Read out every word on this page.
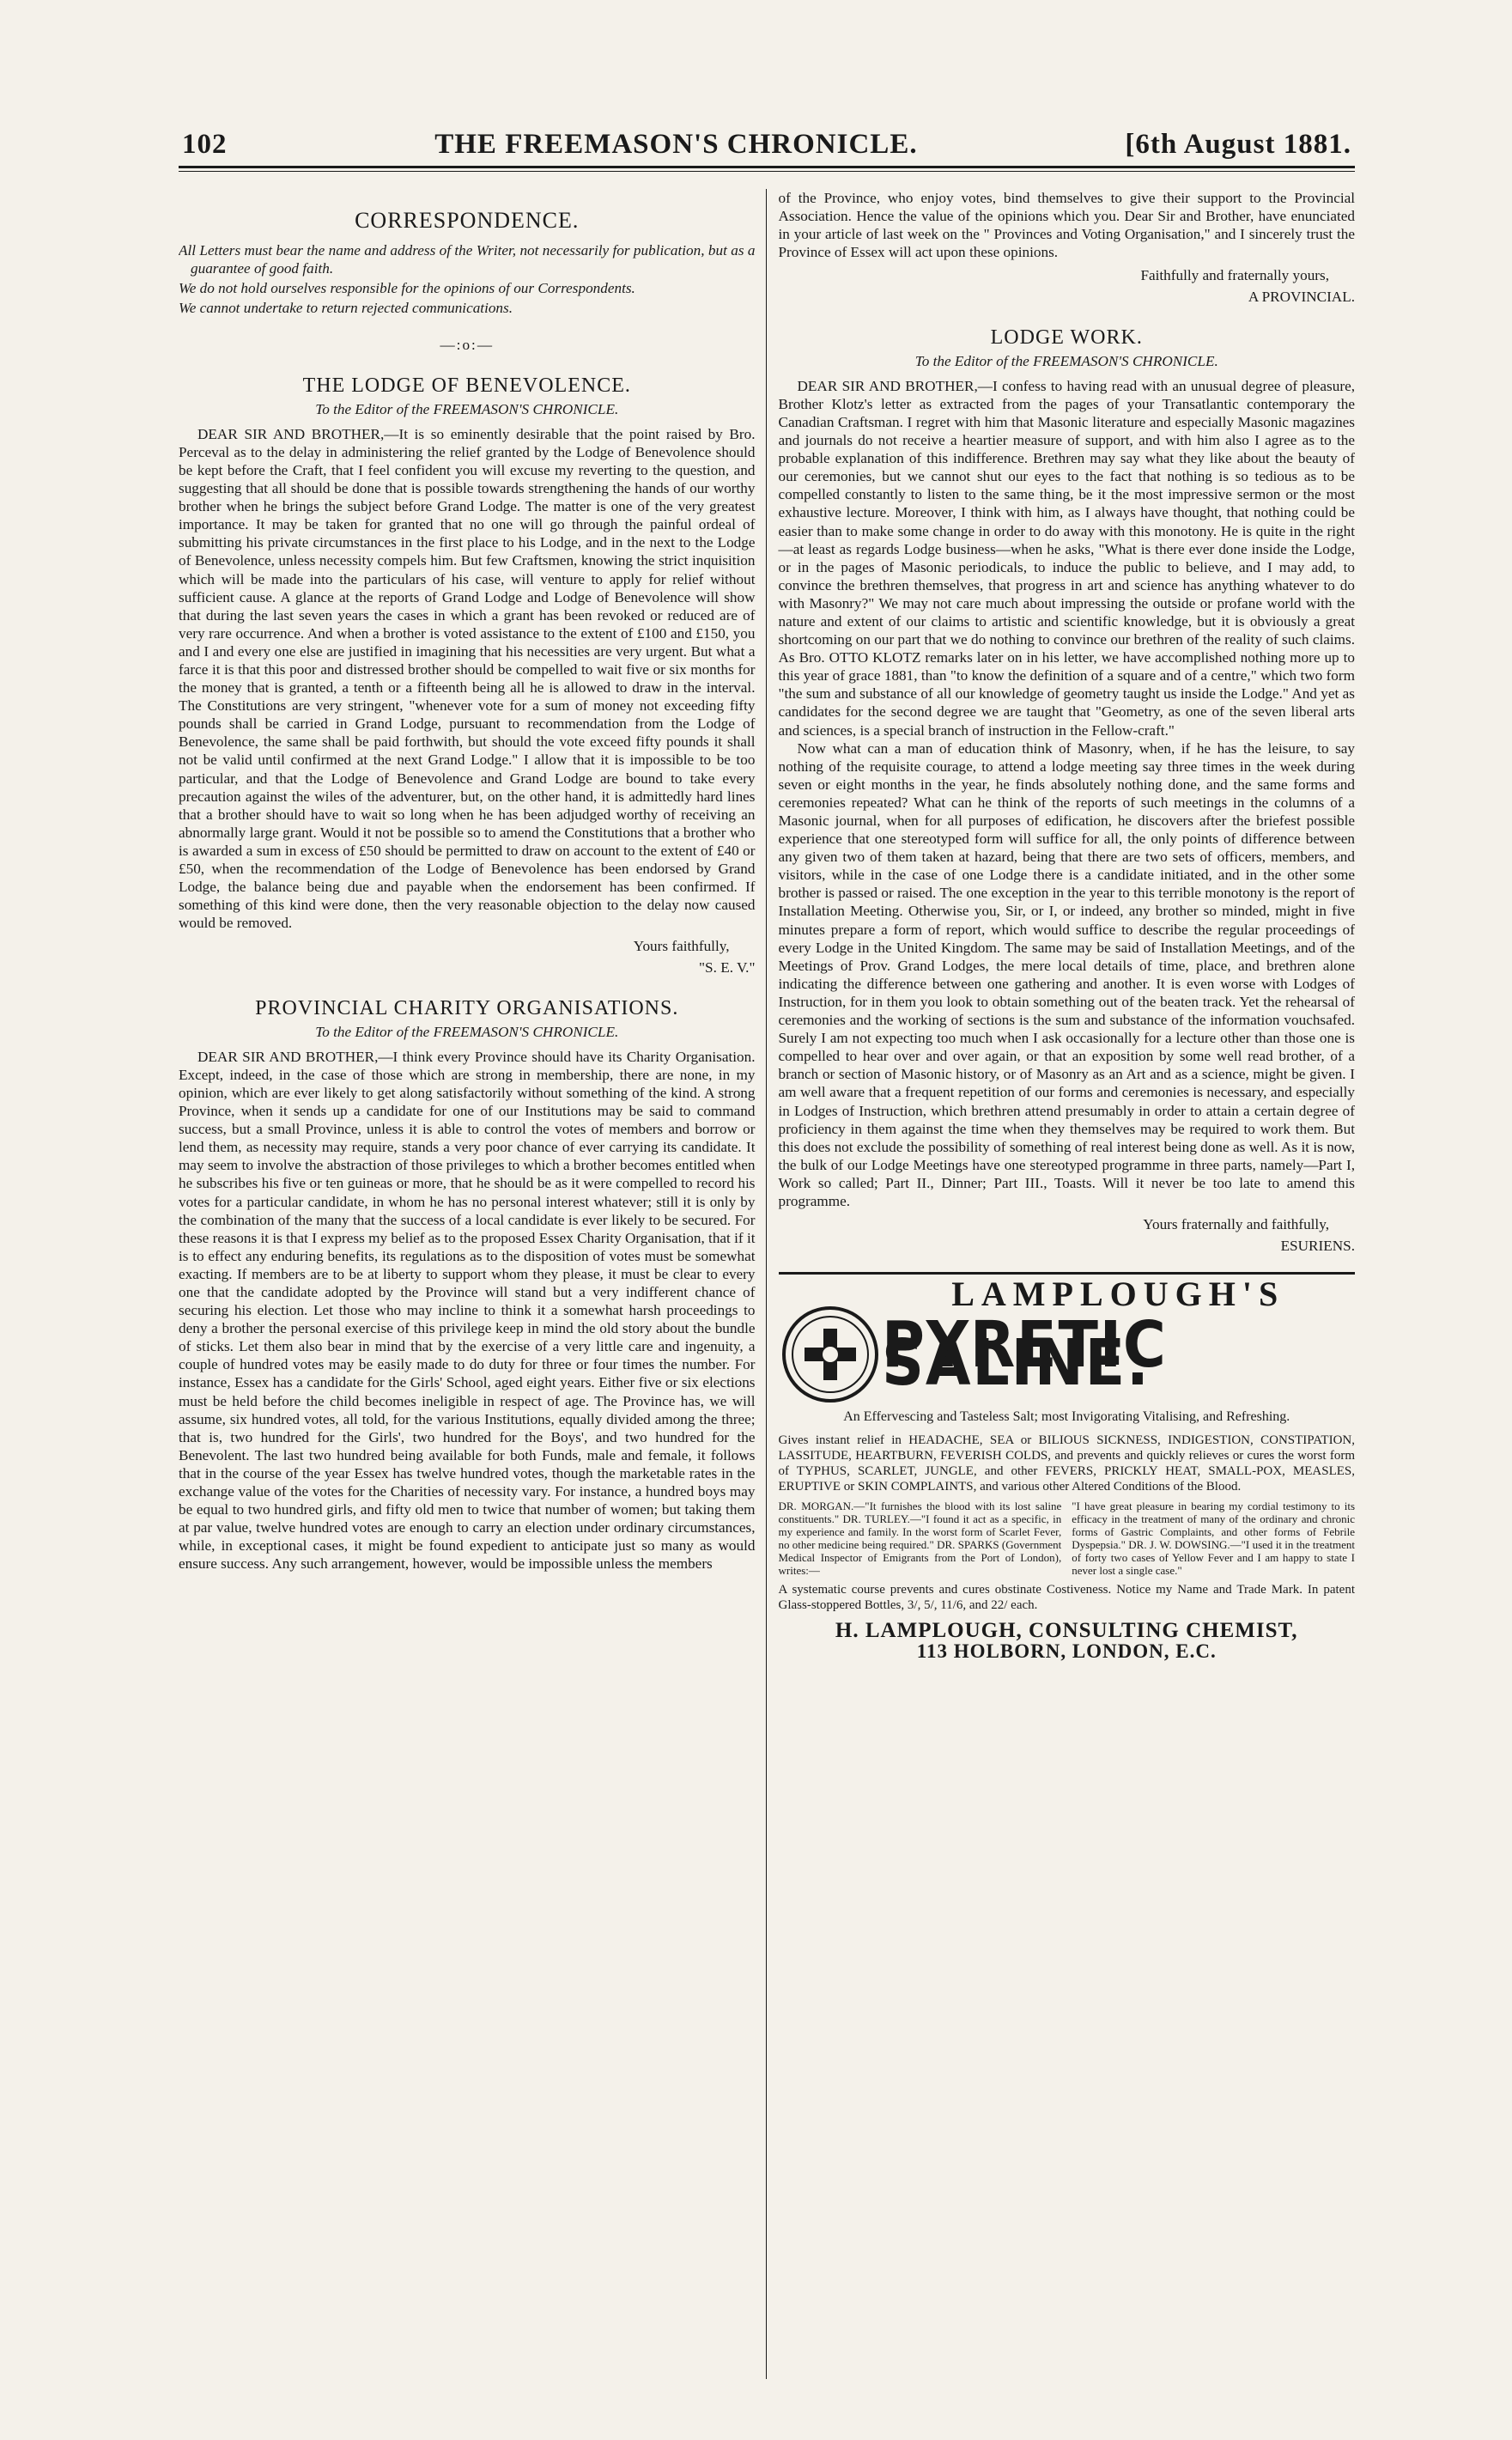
102	THE FREEMASON'S CHRONICLE.	[6th August 1881.
CORRESPONDENCE.
All Letters must bear the name and address of the Writer, not necessarily for publication, but as a guarantee of good faith.
We do not hold ourselves responsible for the opinions of our Correspondents.
We cannot undertake to return rejected communications.
—:o:—
THE LODGE OF BENEVOLENCE.
To the Editor of the FREEMASON'S CHRONICLE.

DEAR SIR AND BROTHER,—It is so eminently desirable that the point raised by Bro. Perceval as to the delay in administering the relief granted by the Lodge of Benevolence should be kept before the Craft, that I feel confident you will excuse my reverting to the question, and suggesting that all should be done that is possible towards strengthening the hands of our worthy brother when he brings the subject before Grand Lodge. The matter is one of the very greatest importance. It may be taken for granted that no one will go through the painful ordeal of submitting his private circumstances in the first place to his Lodge, and in the next to the Lodge of Benevolence, unless necessity compels him. But few Craftsmen, knowing the strict inquisition which will be made into the particulars of his case, will venture to apply for relief without sufficient cause. A glance at the reports of Grand Lodge and Lodge of Benevolence will show that during the last seven years the cases in which a grant has been revoked or reduced are of very rare occurrence. And when a brother is voted assistance to the extent of £100 and £150, you and I and every one else are justified in imagining that his necessities are very urgent. But what a farce it is that this poor and distressed brother should be compelled to wait five or six months for the money that is granted, a tenth or a fifteenth being all he is allowed to draw in the interval. The Constitutions are very stringent, "whenever vote for a sum of money not exceeding fifty pounds shall be carried in Grand Lodge, pursuant to recommendation from the Lodge of Benevolence, the same shall be paid forthwith, but should the vote exceed fifty pounds it shall not be valid until confirmed at the next Grand Lodge." I allow that it is impossible to be too particular, and that the Lodge of Benevolence and Grand Lodge are bound to take every precaution against the wiles of the adventurer, but, on the other hand, it is admittedly hard lines that a brother should have to wait so long when he has been adjudged worthy of receiving an abnormally large grant. Would it not be possible so to amend the Constitutions that a brother who is awarded a sum in excess of £50 should be permitted to draw on account to the extent of £40 or £50, when the recommendation of the Lodge of Benevolence has been endorsed by Grand Lodge, the balance being due and payable when the endorsement has been confirmed. If something of this kind were done, then the very reasonable objection to the delay now caused would be removed.

Yours faithfully,
"S. E. V."
PROVINCIAL CHARITY ORGANISATIONS.
To the Editor of the FREEMASON'S CHRONICLE.

DEAR SIR AND BROTHER,—I think every Province should have its Charity Organisation. Except, indeed, in the case of those which are strong in membership, there are none, in my opinion, which are ever likely to get along satisfactorily without something of the kind. A strong Province, when it sends up a candidate for one of our Institutions may be said to command success, but a small Province, unless it is able to control the votes of members and borrow or lend them, as necessity may require, stands a very poor chance of ever carrying its candidate. It may seem to involve the abstraction of those privileges to which a brother becomes entitled when he subscribes his five or ten guineas or more, that he should be as it were compelled to record his votes for a particular candidate, in whom he has no personal interest whatever; still it is only by the combination of the many that the success of a local candidate is ever likely to be secured. For these reasons it is that I express my belief as to the proposed Essex Charity Organisation, that if it is to effect any enduring benefits, its regulations as to the disposition of votes must be somewhat exacting. If members are to be at liberty to support whom they please, it must be clear to every one that the candidate adopted by the Province will stand but a very indifferent chance of securing his election. Let those who may incline to think it a somewhat harsh proceedings to deny a brother the personal exercise of this privilege keep in mind the old story about the bundle of sticks. Let them also bear in mind that by the exercise of a very little care and ingenuity, a couple of hundred votes may be easily made to do duty for three or four times the number. For instance, Essex has a candidate for the Girls' School, aged eight years. Either five or six elections must be held before the child becomes ineligible in respect of age. The Province has, we will assume, six hundred votes, all told, for the various Institutions, equally divided among the three; that is, two hundred for the Girls', two hundred for the Boys', and two hundred for the Benevolent. The last two hundred being available for both Funds, male and female, it follows that in the course of the year Essex has twelve hundred votes, though the marketable rates in the exchange value of the votes for the Charities of necessity vary. For instance, a hundred boys may be equal to two hundred girls, and fifty old men to twice that number of women; but taking them at par value, twelve hundred votes are enough to carry an election under ordinary circumstances, while, in exceptional cases, it might be found expedient to anticipate just so many as would ensure success. Any such arrangement, however, would be impossible unless the members

of the Province, who enjoy votes, bind themselves to give their support to the Provincial Association. Hence the value of the opinions which you. Dear Sir and Brother, have enunciated in your article of last week on the " Provinces and Voting Organisation," and I sincerely trust the Province of Essex will act upon these opinions.

Faithfully and fraternally yours,
A PROVINCIAL.
LODGE WORK.
To the Editor of the FREEMASON'S CHRONICLE.

DEAR SIR AND BROTHER,—I confess to having read with an unusual degree of pleasure, Brother Klotz's letter as extracted from the pages of your Transatlantic contemporary the Canadian Craftsman. I regret with him that Masonic literature and especially Masonic magazines and journals do not receive a heartier measure of support, and with him also I agree as to the probable explanation of this indifference. Brethren may say what they like about the beauty of our ceremonies, but we cannot shut our eyes to the fact that nothing is so tedious as to be compelled constantly to listen to the same thing, be it the most impressive sermon or the most exhaustive lecture. Moreover, I think with him, as I always have thought, that nothing could be easier than to make some change in order to do away with this monotony. He is quite in the right—at least as regards Lodge business—when he asks, "What is there ever done inside the Lodge, or in the pages of Masonic periodicals, to induce the public to believe, and I may add, to convince the brethren themselves, that progress in art and science has anything whatever to do with Masonry?" We may not care much about impressing the outside or profane world with the nature and extent of our claims to artistic and scientific knowledge, but it is obviously a great shortcoming on our part that we do nothing to convince our brethren of the reality of such claims. As Bro. OTTO KLOTZ remarks later on in his letter, we have accomplished nothing more up to this year of grace 1881, than "to know the definition of a square and of a centre," which two form "the sum and substance of all our knowledge of geometry taught us inside the Lodge." And yet as candidates for the second degree we are taught that "Geometry, as one of the seven liberal arts and sciences, is a special branch of instruction in the Fellow-craft."

Now what can a man of education think of Masonry, when, if he has the leisure, to say nothing of the requisite courage, to attend a lodge meeting say three times in the week during seven or eight months in the year, he finds absolutely nothing done, and the same forms and ceremonies repeated? What can he think of the reports of such meetings in the columns of a Masonic journal, when for all purposes of edification, he discovers after the briefest possible experience that one stereotyped form will suffice for all, the only points of difference between any given two of them taken at hazard, being that there are two sets of officers, members, and visitors, while in the case of one Lodge there is a candidate initiated, and in the other some brother is passed or raised. The one exception in the year to this terrible monotony is the report of Installation Meeting. Otherwise you, Sir, or I, or indeed, any brother so minded, might in five minutes prepare a form of report, which would suffice to describe the regular proceedings of every Lodge in the United Kingdom. The same may be said of Installation Meetings, and of the Meetings of Prov. Grand Lodges, the mere local details of time, place, and brethren alone indicating the difference between one gathering and another. It is even worse with Lodges of Instruction, for in them you look to obtain something out of the beaten track. Yet the rehearsal of ceremonies and the working of sections is the sum and substance of the information vouchsafed. Surely I am not expecting too much when I ask occasionally for a lecture other than those one is compelled to hear over and over again, or that an exposition by some well read brother, of a branch or section of Masonic history, or of Masonry as an Art and as a science, might be given. I am well aware that a frequent repetition of our forms and ceremonies is necessary, and especially in Lodges of Instruction, which brethren attend presumably in order to attain a certain degree of proficiency in them against the time when they themselves may be required to work them. But this does not exclude the possibility of something of real interest being done as well. As it is now, the bulk of our Lodge Meetings have one stereotyped programme in three parts, namely—Part I, Work so called; Part II., Dinner; Part III., Toasts. Will it never be too late to amend this programme.

Yours fraternally and faithfully,
ESURIENS.
LAMPLOUGH'S
PYRETIC SALINE.
An Effervescing and Tasteless Salt; most Invigorating Vitalising, and Refreshing.

Gives instant relief in HEADACHE, SEA or BILIOUS SICKNESS, INDIGESTION, CONSTIPATION, LASSITUDE, HEARTBURN, FEVERISH COLDS, and prevents and quickly relieves or cures the worst form of TYPHUS, SCARLET, JUNGLE, and other FEVERS, PRICKLY HEAT, SMALL-POX, MEASLES, ERUPTIVE or SKIN COMPLAINTS, and various other Altered Conditions of the Blood.

DR. MORGAN.—"It furnishes the blood with its lost saline constituents." DR. TURLEY.—"I found it act as a specific, in my experience and family. In the worst form of Scarlet Fever, no other medicine being required." DR. SPARKS (Government Medical Inspector of Emigrants from the Port of London), writes:—
"I have great pleasure in bearing my cordial testimony to its efficacy in the treatment of many of the ordinary and chronic forms of Gastric Complaints, and other forms of Febrile Dyspepsia." DR. J. W. DOWSING.—"I used it in the treatment of forty two cases of Yellow Fever and I am happy to state I never lost a single case."
A systematic course prevents and cures obstinate Costiveness. Notice my Name and Trade Mark. In patent Glass-stoppered Bottles, 3/, 5/, 11/6, and 22/ each.
H. LAMPLOUGH, CONSULTING CHEMIST,
113 HOLBORN, LONDON, E.C.
